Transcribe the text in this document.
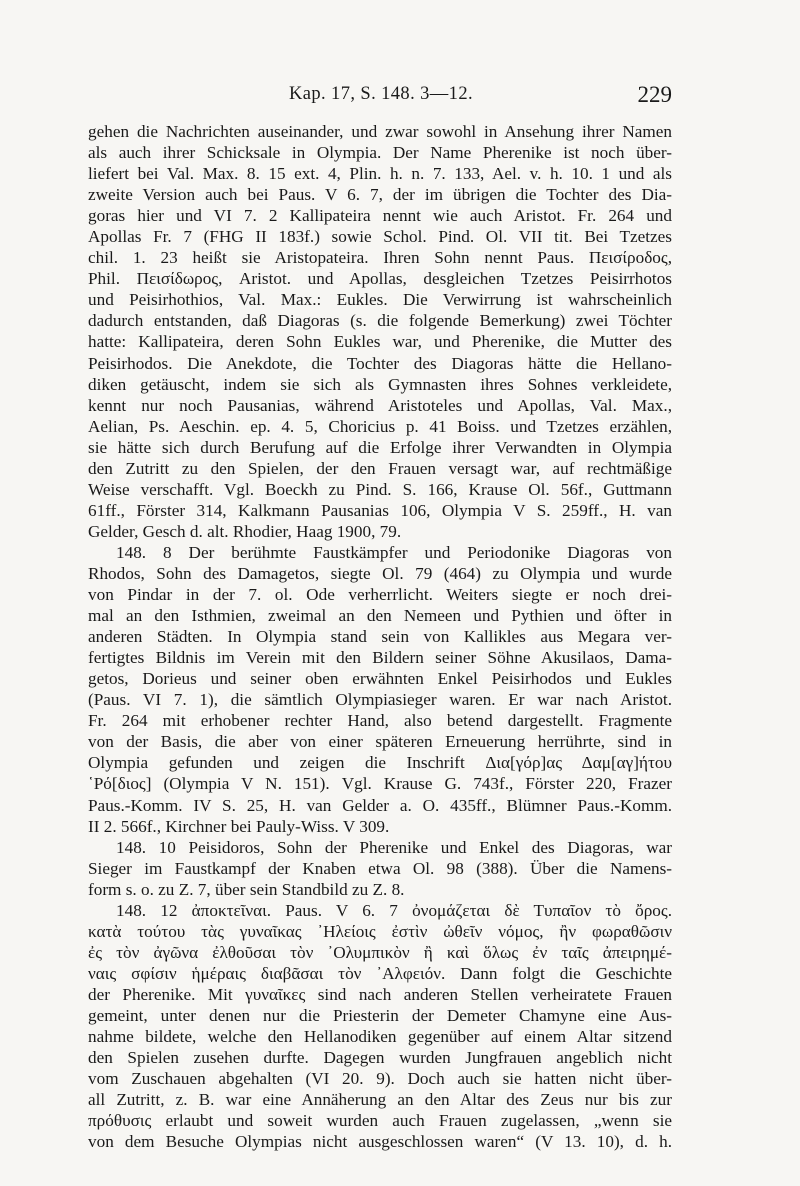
Kap. 17, S. 148. 3—12.	229
gehen die Nachrichten auseinander, und zwar sowohl in Ansehung ihrer Namen
als auch ihrer Schicksale in Olympia. Der Name Pherenike ist noch über-
liefert bei Val. Max. 8. 15 ext. 4, Plin. h. n. 7. 133, Ael. v. h. 10. 1 und als
zweite Version auch bei Paus. V 6. 7, der im übrigen die Tochter des Dia-
goras hier und VI 7. 2 Kallipateira nennt wie auch Aristot. Fr. 264 und
Apollas Fr. 7 (FHG II 183f.) sowie Schol. Pind. Ol. VII tit. Bei Tzetzes
chil. 1. 23 heißt sie Aristopateira. Ihren Sohn nennt Paus. Πεισίροδος,
Phil. Πεισίδωρος, Aristot. und Apollas, desgleichen Tzetzes Peisirrhotos
und Peisirhothios, Val. Max.: Eukles. Die Verwirrung ist wahrscheinlich
dadurch entstanden, daß Diagoras (s. die folgende Bemerkung) zwei Töchter
hatte: Kallipateira, deren Sohn Eukles war, und Pherenike, die Mutter des
Peisirhodos. Die Anekdote, die Tochter des Diagoras hätte die Hellano-
diken getäuscht, indem sie sich als Gymnasten ihres Sohnes verkleidete,
kennt nur noch Pausanias, während Aristoteles und Apollas, Val. Max.,
Aelian, Ps. Aeschin. ep. 4. 5, Choricius p. 41 Boiss. und Tzetzes erzählen,
sie hätte sich durch Berufung auf die Erfolge ihrer Verwandten in Olympia
den Zutritt zu den Spielen, der den Frauen versagt war, auf rechtmäßige
Weise verschafft. Vgl. Boeckh zu Pind. S. 166, Krause Ol. 56f., Guttmann
61ff., Förster 314, Kalkmann Pausanias 106, Olympia V S. 259ff., H. van
Gelder, Gesch d. alt. Rhodier, Haag 1900, 79.
148. 8 Der berühmte Faustkämpfer und Periodonike Diagoras von
Rhodos, Sohn des Damagetos, siegte Ol. 79 (464) zu Olympia und wurde
von Pindar in der 7. ol. Ode verherrlicht. Weiters siegte er noch drei-
mal an den Isthmien, zweimal an den Nemeen und Pythien und öfter in
anderen Städten. In Olympia stand sein von Kallikles aus Megara ver-
fertigtes Bildnis im Verein mit den Bildern seiner Söhne Akusilaos, Dama-
getos, Dorieus und seiner oben erwähnten Enkel Peisirhodos und Eukles
(Paus. VI 7. 1), die sämtlich Olympiasieger waren. Er war nach Aristot.
Fr. 264 mit erhobener rechter Hand, also betend dargestellt. Fragmente
von der Basis, die aber von einer späteren Erneuerung herrührte, sind in
Olympia gefunden und zeigen die Inschrift Δια[γόρ]ας Δαμ[αγ]ήτου
῾Ρό[διος] (Olympia V N. 151). Vgl. Krause G. 743f., Förster 220, Frazer
Paus.-Komm. IV S. 25, H. van Gelder a. O. 435ff., Blümner Paus.-Komm.
II 2. 566f., Kirchner bei Pauly-Wiss. V 309.
148. 10 Peisidoros, Sohn der Pherenike und Enkel des Diagoras, war
Sieger im Faustkampf der Knaben etwa Ol. 98 (388). Über die Namens-
form s. o. zu Z. 7, über sein Standbild zu Z. 8.
148. 12 ἀποκτεῖναι. Paus. V 6. 7 ὀνομάζεται δὲ Τυπαῖον τὸ ὄρος.
κατὰ τούτου τὰς γυναῖκας ᾿Ηλείοις ἐστὶν ὠθεῖν νόμος, ἢν φωραθῶσιν
ἐς τὸν ἀγῶνα ἐλθοῦσαι τὸν ᾿Ολυμπικὸν ἢ καὶ ὅλως ἐν ταῖς ἀπειρημέ-
ναις σφίσιν ἡμέραις διαβᾶσαι τὸν ᾿Αλφειόν. Dann folgt die Geschichte
der Pherenike. Mit γυναῖκες sind nach anderen Stellen verheiratete Frauen
gemeint, unter denen nur die Priesterin der Demeter Chamyne eine Aus-
nahme bildete, welche den Hellanodiken gegenüber auf einem Altar sitzend
den Spielen zusehen durfte. Dagegen wurden Jungfrauen angeblich nicht
vom Zuschauen abgehalten (VI 20. 9). Doch auch sie hatten nicht über-
all Zutritt, z. B. war eine Annäherung an den Altar des Zeus nur bis zur
πρόθυσις erlaubt und soweit wurden auch Frauen zugelassen, „wenn sie
von dem Besuche Olympias nicht ausgeschlossen waren“ (V 13. 10), d. h.
